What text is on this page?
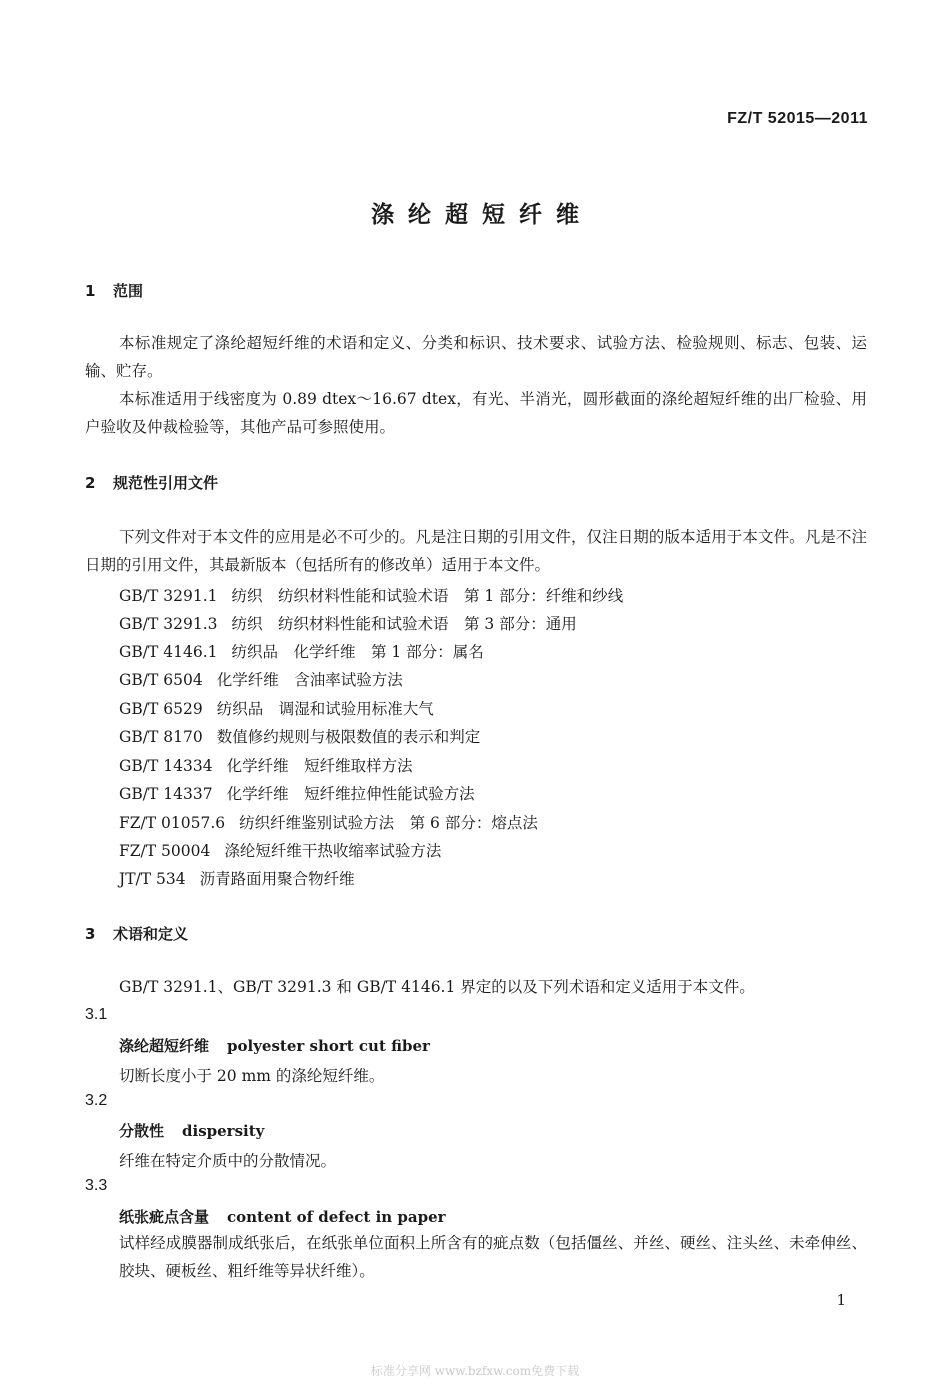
FZ/T 52015—2011
涤纶超短纤维
1 范围
本标准规定了涤纶超短纤维的术语和定义、分类和标识、技术要求、试验方法、检验规则、标志、包装、运输、贮存。
本标准适用于线密度为 0.89 dtex～16.67 dtex，有光、半消光，圆形截面的涤纶超短纤维的出厂检验、用户验收及仲裁检验等，其他产品可参照使用。
2 规范性引用文件
下列文件对于本文件的应用是必不可少的。凡是注日期的引用文件，仅注日期的版本适用于本文件。凡是不注日期的引用文件，其最新版本（包括所有的修改单）适用于本文件。
GB/T 3291.1 纺织　纺织材料性能和试验术语　第 1 部分：纤维和纱线
GB/T 3291.3 纺织　纺织材料性能和试验术语　第 3 部分：通用
GB/T 4146.1 纺织品　化学纤维　第 1 部分：属名
GB/T 6504 化学纤维　含油率试验方法
GB/T 6529 纺织品　调湿和试验用标准大气
GB/T 8170 数值修约规则与极限数值的表示和判定
GB/T 14334 化学纤维　短纤维取样方法
GB/T 14337 化学纤维　短纤维拉伸性能试验方法
FZ/T 01057.6 纺织纤维鉴别试验方法　第 6 部分：熔点法
FZ/T 50004 涤纶短纤维干热收缩率试验方法
JT/T 534 沥青路面用聚合物纤维
3 术语和定义
GB/T 3291.1、GB/T 3291.3 和 GB/T 4146.1 界定的以及下列术语和定义适用于本文件。
3.1
涤纶超短纤维 polyester short cut fiber
切断长度小于 20 mm 的涤纶短纤维。
3.2
分散性 dispersity
纤维在特定介质中的分散情况。
3.3
纸张疵点含量 content of defect in paper
试样经成膜器制成纸张后，在纸张单位面积上所含有的疵点数（包括僵丝、并丝、硬丝、注头丝、未牵伸丝、胶块、硬板丝、粗纤维等异状纤维）。
1
标准分享网 www.bzfxw.com免费下载
